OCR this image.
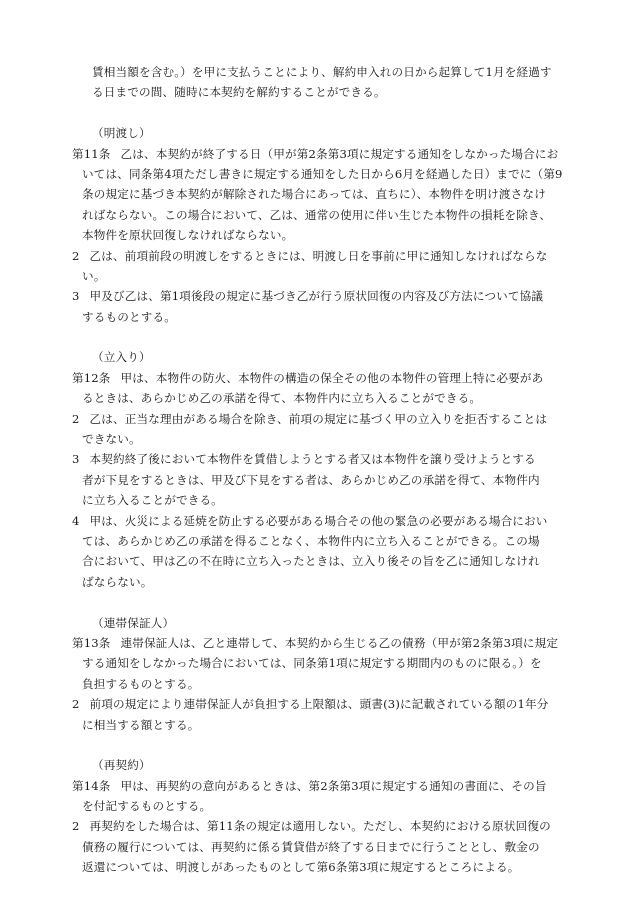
賃相当額を含む。）を甲に支払うことにより、解約申入れの日から起算して1月を経過す
る日までの間、随時に本契約を解約することができる。
（明渡し）
第11条 乙は、本契約が終了する日（甲が第2条第3項に規定する通知をしなかった場合にお
いては、同条第4項ただし書きに規定する通知をした日から6月を経過した日）までに（第9
条の規定に基づき本契約が解除された場合にあっては、直ちに）、本物件を明け渡さなけ
ればならない。この場合において、乙は、通常の使用に伴い生じた本物件の損耗を除き、
本物件を原状回復しなければならない。
2 乙は、前項前段の明渡しをするときには、明渡し日を事前に甲に通知しなければならな
い。
3 甲及び乙は、第1項後段の規定に基づき乙が行う原状回復の内容及び方法について協議
するものとする。
（立入り）
第12条 甲は、本物件の防火、本物件の構造の保全その他の本物件の管理上特に必要があ
るときは、あらかじめ乙の承諾を得て、本物件内に立ち入ることができる。
2 乙は、正当な理由がある場合を除き、前項の規定に基づく甲の立入りを拒否することは
できない。
3 本契約終了後において本物件を賃借しようとする者又は本物件を譲り受けようとする
者が下見をするときは、甲及び下見をする者は、あらかじめ乙の承諾を得て、本物件内
に立ち入ることができる。
4 甲は、火災による延焼を防止する必要がある場合その他の緊急の必要がある場合におい
ては、あらかじめ乙の承諾を得ることなく、本物件内に立ち入ることができる。この場
合において、甲は乙の不在時に立ち入ったときは、立入り後その旨を乙に通知しなけれ
ばならない。
（連帯保証人）
第13条 連帯保証人は、乙と連帯して、本契約から生じる乙の債務（甲が第2条第3項に規定
する通知をしなかった場合においては、同条第1項に規定する期間内のものに限る。）を
負担するものとする。
2 前項の規定により連帯保証人が負担する上限額は、頭書(3)に記載されている額の1年分
に相当する額とする。
（再契約）
第14条 甲は、再契約の意向があるときは、第2条第3項に規定する通知の書面に、その旨
を付記するものとする。
2 再契約をした場合は、第11条の規定は適用しない。ただし、本契約における原状回復の
債務の履行については、再契約に係る賃貸借が終了する日までに行うこととし、敷金の
返還については、明渡しがあったものとして第6条第3項に規定するところによる。
